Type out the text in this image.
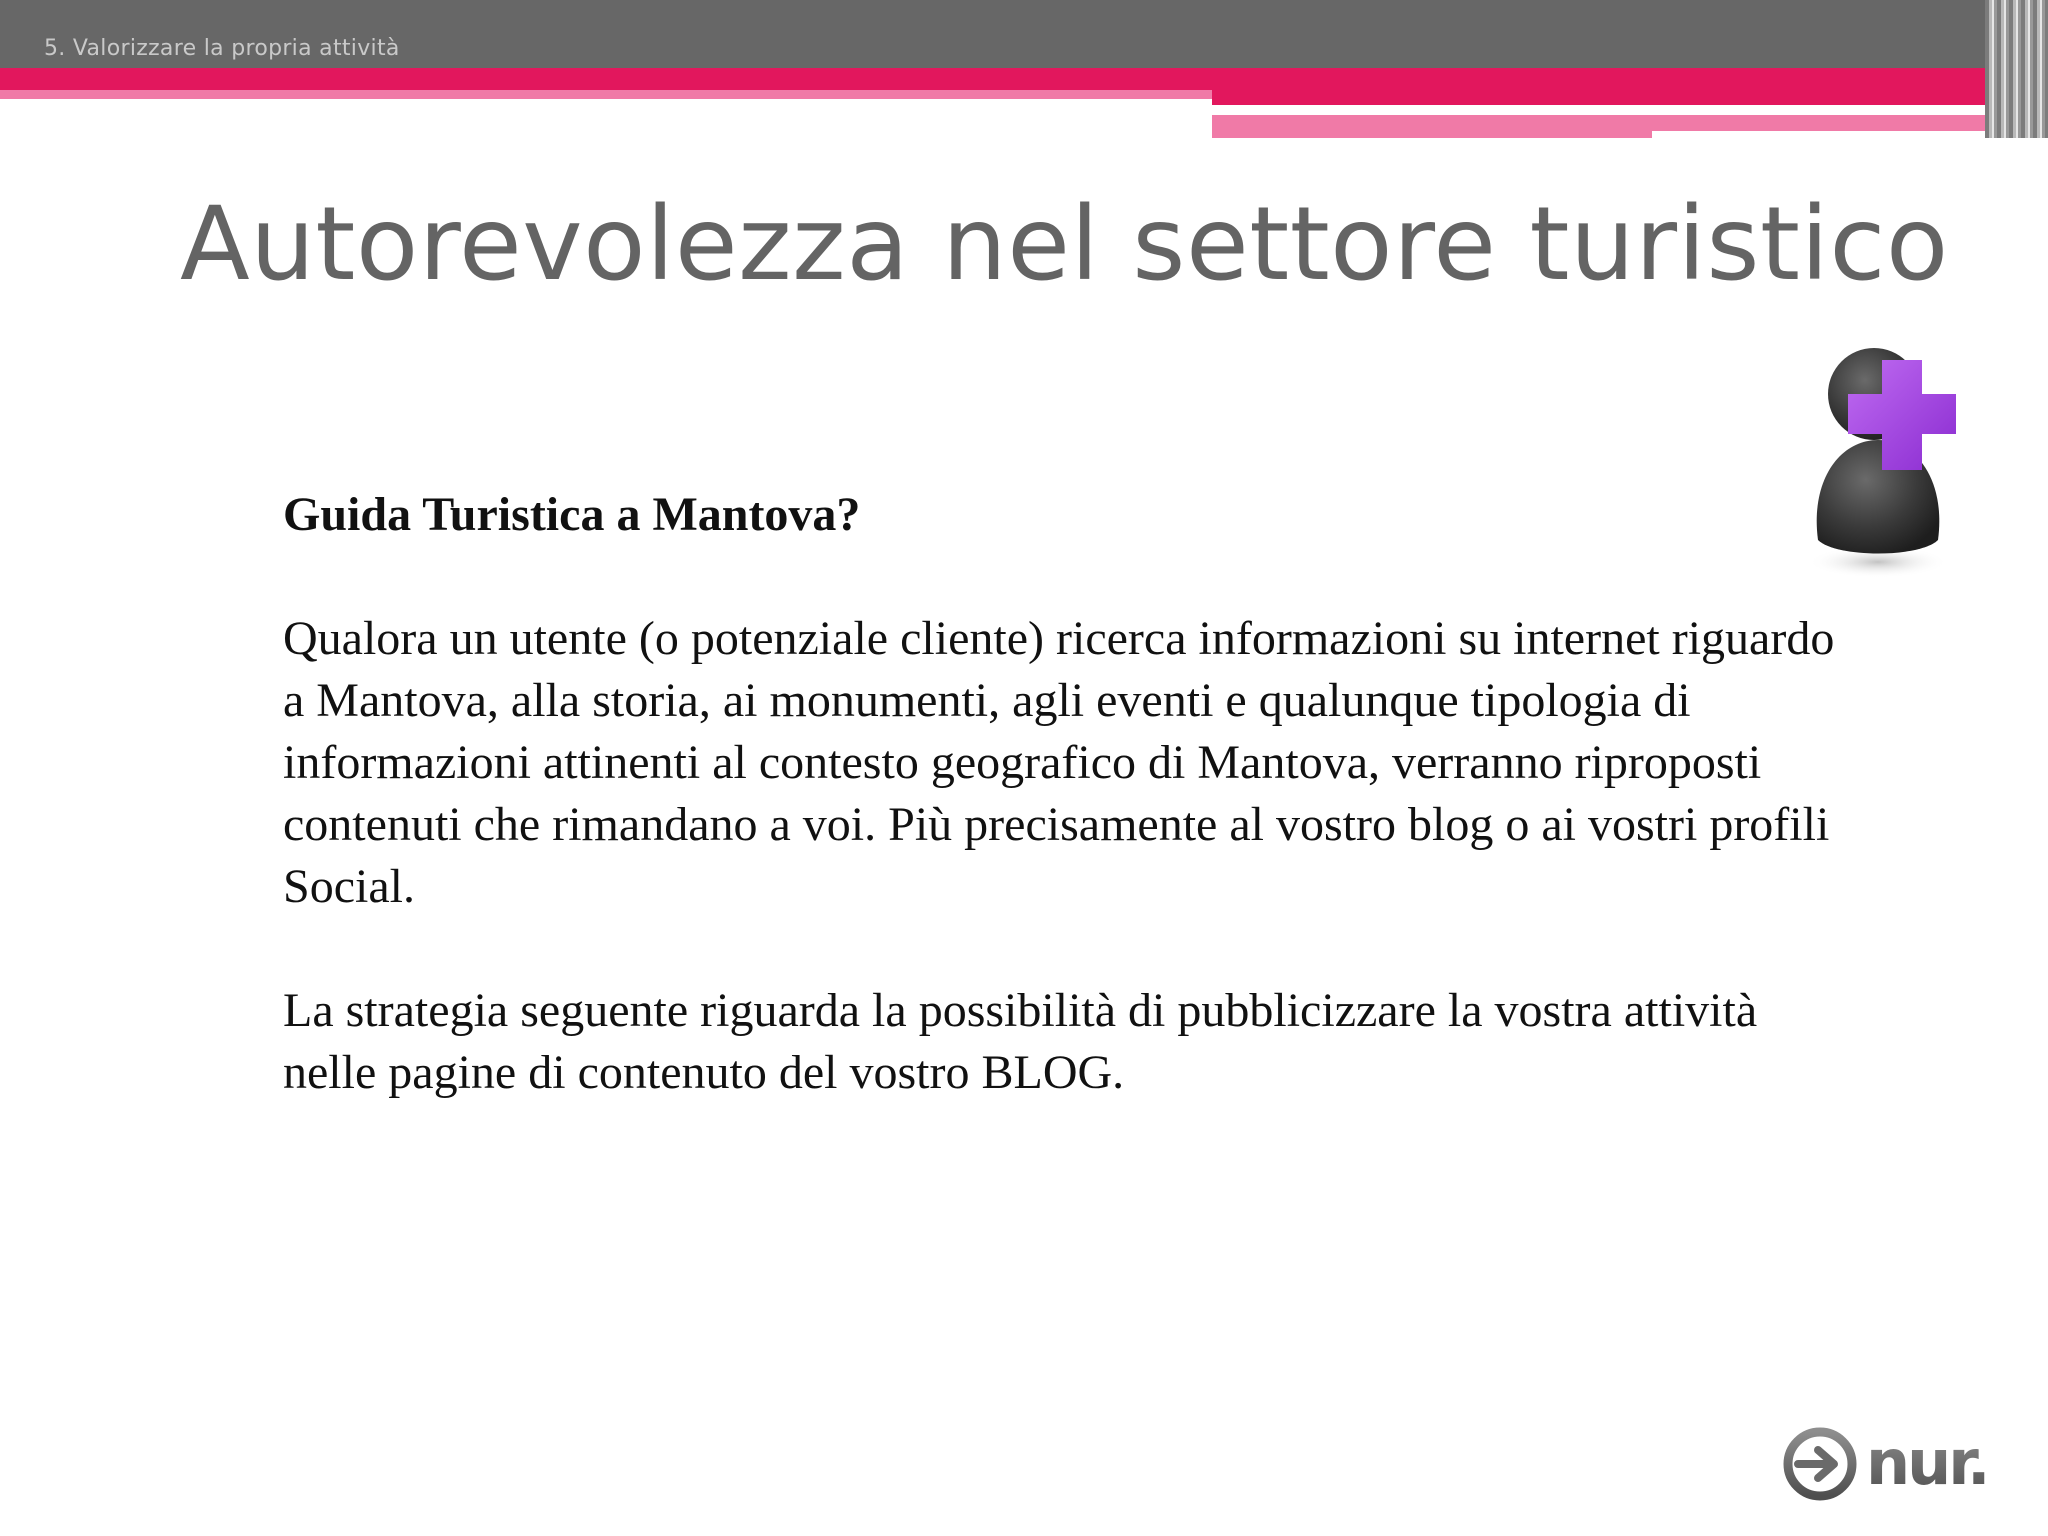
5. Valorizzare la propria attività
Autorevolezza nel settore turistico

Guida Turistica a Mantova?

Qualora un utente (o potenziale cliente) ricerca informazioni su internet riguardo a Mantova, alla storia, ai monumenti, agli eventi e qualunque tipologia di informazioni attinenti al contesto geografico di Mantova, verranno riproposti contenuti che rimandano a voi. Più precisamente al vostro blog o ai vostri profili Social.

La strategia seguente riguarda la possibilità di pubblicizzare la vostra attività nelle pagine di contenuto del vostro BLOG.

nur.
